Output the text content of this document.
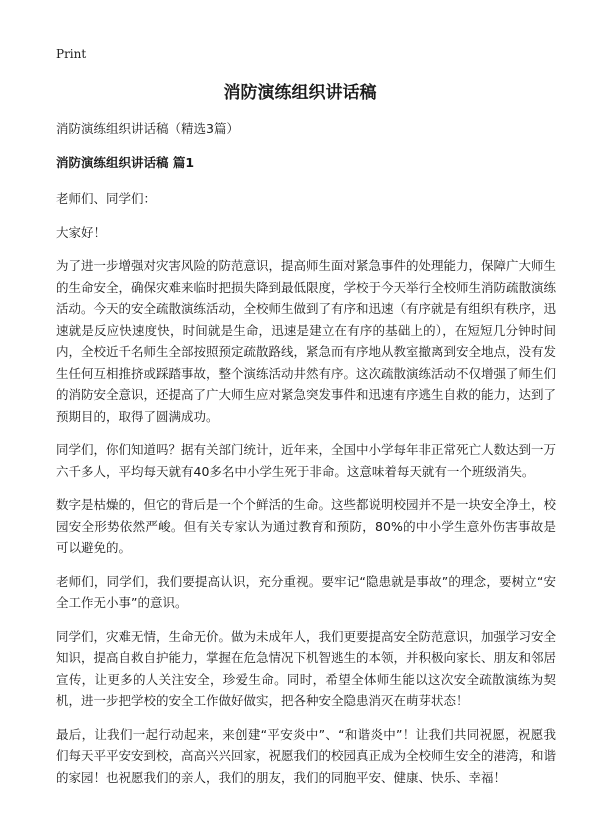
Print
消防演练组织讲话稿

消防演练组织讲话稿（精选3篇）

消防演练组织讲话稿 篇1

老师们、同学们：

大家好！

为了进一步增强对灾害风险的防范意识，提高师生面对紧急事件的处理能力，保障广大师生的生命安全，确保灾难来临时把损失降到最低限度，学校于今天举行全校师生消防疏散演练活动。今天的安全疏散演练活动，全校师生做到了有序和迅速（有序就是有组织有秩序，迅速就是反应快速度快，时间就是生命，迅速是建立在有序的基础上的），在短短几分钟时间内，全校近千名师生全部按照预定疏散路线，紧急而有序地从教室撤离到安全地点，没有发生任何互相推挤或踩踏事故，整个演练活动井然有序。这次疏散演练活动不仅增强了师生们的消防安全意识，还提高了广大师生应对紧急突发事件和迅速有序逃生自救的能力，达到了预期目的，取得了圆满成功。

同学们，你们知道吗？据有关部门统计，近年来，全国中小学每年非正常死亡人数达到一万六千多人，平均每天就有40多名中小学生死于非命。这意味着每天就有一个班级消失。

数字是枯燥的，但它的背后是一个个鲜活的生命。这些都说明校园并不是一块安全净土，校园安全形势依然严峻。但有关专家认为通过教育和预防，80%的中小学生意外伤害事故是可以避免的。

老师们，同学们，我们要提高认识，充分重视。要牢记“隐患就是事故”的理念，要树立“安全工作无小事”的意识。

同学们，灾难无情，生命无价。做为未成年人，我们更要提高安全防范意识，加强学习安全知识，提高自救自护能力，掌握在危急情况下机智逃生的本领，并积极向家长、朋友和邻居宣传，让更多的人关注安全，珍爱生命。同时，希望全体师生能以这次安全疏散演练为契机，进一步把学校的安全工作做好做实，把各种安全隐患消灭在萌芽状态！

最后，让我们一起行动起来，来创建“平安炎中”、“和谐炎中”！让我们共同祝愿，祝愿我们每天平平安安到校，高高兴兴回家，祝愿我们的校园真正成为全校师生安全的港湾，和谐的家园！也祝愿我们的亲人，我们的朋友，我们的同胞平安、健康、快乐、幸福！
